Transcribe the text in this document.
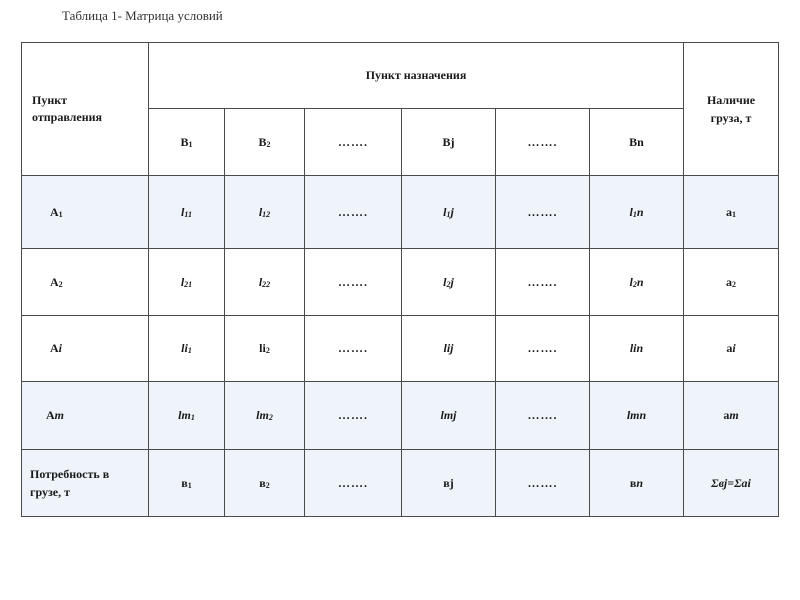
Таблица 1- Матрица условий
Пункт отправления	Пункт назначения						Наличие груза, т
	$В_1$	$В_2$	…….	Вj	…….	Вn	
$А_1$	$l_{11}$	$l_{12}$	…….	$l_1j$	…….	$l_1n$	$а_1$
$А_2$	$l_{21}$	$l_{22}$	…….	$l_2j$	…….	$l_2n$	$а_2$
Аi	$li_1$	$li_2$	…….	lij	…….	lin	аi
Аm	$lm_1$	$lm_2$	…….	lmj	…….	lmn	аm
Потребность в грузе, т	$в_1$	$в_2$	…….	вj	…….	вn	Σвj=Σаi
